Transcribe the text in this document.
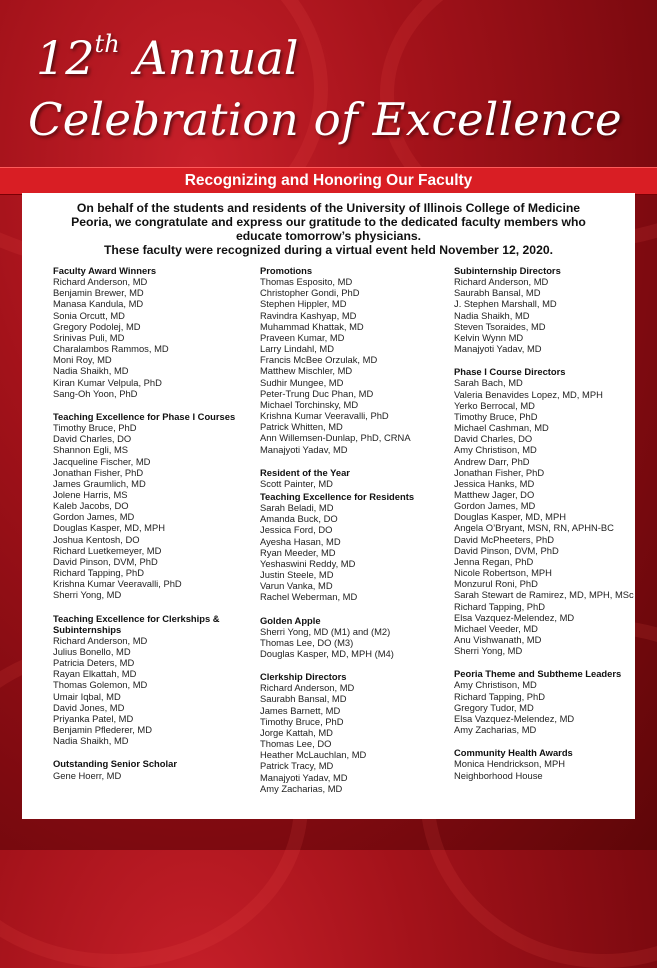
12th Annual
Celebration of Excellence
Recognizing and Honoring Our Faculty
On behalf of the students and residents of the University of Illinois College of Medicine Peoria, we congratulate and express our gratitude to the dedicated faculty members who educate tomorrow’s physicians.
These faculty were recognized during a virtual event held November 12, 2020.
Faculty Award Winners
Richard Anderson, MD
Benjamin Brewer, MD
Manasa Kandula, MD
Sonia Orcutt, MD
Gregory Podolej, MD
Srinivas Puli, MD
Charalambos Rammos, MD
Moni Roy, MD
Nadia Shaikh, MD
Kiran Kumar Velpula, PhD
Sang-Oh Yoon, PhD
Teaching Excellence for Phase I Courses
Timothy Bruce, PhD
David Charles, DO
Shannon Egli, MS
Jacqueline Fischer, MD
Jonathan Fisher, PhD
James Graumlich, MD
Jolene Harris, MS
Kaleb Jacobs, DO
Gordon James, MD
Douglas Kasper, MD, MPH
Joshua Kentosh, DO
Richard Luetkemeyer, MD
David Pinson, DVM, PhD
Richard Tapping, PhD
Krishna Kumar Veeravalli, PhD
Sherri Yong, MD
Teaching Excellence for Clerkships & Subinternships
Richard Anderson, MD
Julius Bonello, MD
Patricia Deters, MD
Rayan Elkattah, MD
Thomas Golemon, MD
Umair Iqbal, MD
David Jones, MD
Priyanka Patel, MD
Benjamin Pflederer, MD
Nadia Shaikh, MD
Outstanding Senior Scholar
Gene Hoerr, MD
Promotions
Thomas Esposito, MD
Christopher Gondi, PhD
Stephen Hippler, MD
Ravindra Kashyap, MD
Muhammad Khattak, MD
Praveen Kumar, MD
Larry Lindahl, MD
Francis McBee Orzulak, MD
Matthew Mischler, MD
Sudhir Mungee, MD
Peter-Trung Duc Phan, MD
Michael Torchinsky, MD
Krishna Kumar Veeravalli, PhD
Patrick Whitten, MD
Ann Willemsen-Dunlap, PhD, CRNA
Manajyoti Yadav, MD
Resident of the Year
Scott Painter, MD
Teaching Excellence for Residents
Sarah Beladi, MD
Amanda Buck, DO
Jessica Ford, DO
Ayesha Hasan, MD
Ryan Meeder, MD
Yeshaswini Reddy, MD
Justin Steele, MD
Varun Vanka, MD
Rachel Weberman, MD
Golden Apple
Sherri Yong, MD (M1) and (M2)
Thomas Lee, DO (M3)
Douglas Kasper, MD, MPH (M4)
Clerkship Directors
Richard Anderson, MD
Saurabh Bansal, MD
James Barnett, MD
Timothy Bruce, PhD
Jorge Kattah, MD
Thomas Lee, DO
Heather McLauchlan, MD
Patrick Tracy, MD
Manajyoti Yadav, MD
Amy Zacharias, MD
Subinternship Directors
Richard Anderson, MD
Saurabh Bansal, MD
J. Stephen Marshall, MD
Nadia Shaikh, MD
Steven Tsoraides, MD
Kelvin Wynn MD
Manajyoti Yadav, MD
Phase I Course Directors
Sarah Bach, MD
Valeria Benavides Lopez, MD, MPH
Yerko Berrocal, MD
Timothy Bruce, PhD
Michael Cashman, MD
David Charles, DO
Amy Christison, MD
Andrew Darr, PhD
Jonathan Fisher, PhD
Jessica Hanks, MD
Matthew Jager, DO
Gordon James, MD
Douglas Kasper, MD, MPH
Angela O’Bryant, MSN, RN, APHN-BC
David McPheeters, PhD
David Pinson, DVM, PhD
Jenna Regan, PhD
Nicole Robertson, MPH
Monzurul Roni, PhD
Sarah Stewart de Ramirez, MD, MPH, MSc
Richard Tapping, PhD
Elsa Vazquez-Melendez, MD
Michael Veeder, MD
Anu Vishwanath, MD
Sherri Yong, MD
Peoria Theme and Subtheme Leaders
Amy Christison, MD
Richard Tapping, PhD
Gregory Tudor, MD
Elsa Vazquez-Melendez, MD
Amy Zacharias, MD
Community Health Awards
Monica Hendrickson, MPH
Neighborhood House
